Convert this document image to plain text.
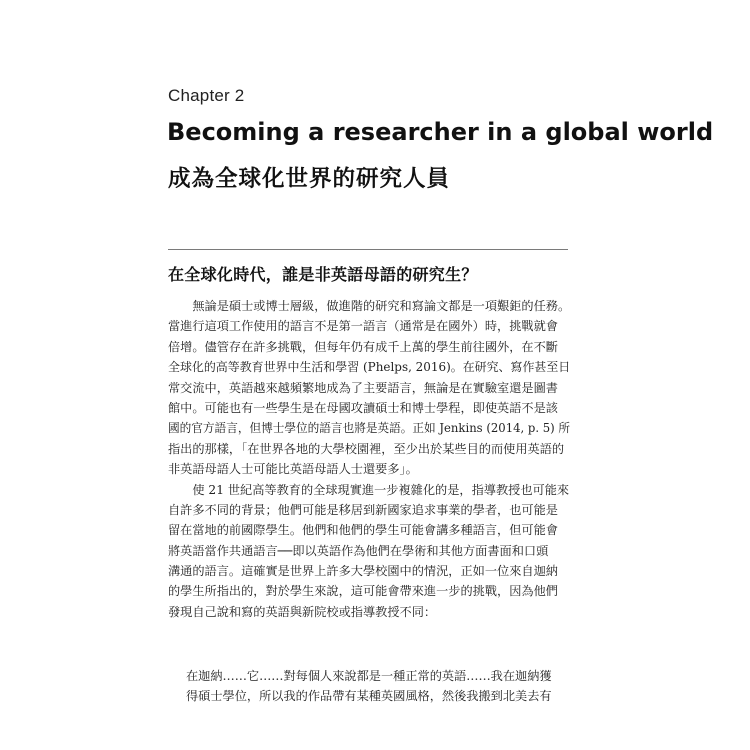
Chapter 2
Becoming a researcher in a global world
成為全球化世界的研究人員
在全球化時代，誰是非英語母語的研究生？
　　無論是碩士或博士層級，做進階的研究和寫論文都是一項艱鉅的任務。
當進行這項工作使用的語言不是第一語言（通常是在國外）時，挑戰就會
倍增。儘管存在許多挑戰，但每年仍有成千上萬的學生前往國外，在不斷
全球化的高等教育世界中生活和學習 (Phelps, 2016)。在研究、寫作甚至日
常交流中，英語越來越頻繁地成為了主要語言，無論是在實驗室還是圖書
館中。可能也有一些學生是在母國攻讀碩士和博士學程，即使英語不是該
國的官方語言，但博士學位的語言也將是英語。正如 Jenkins (2014, p. 5) 所
指出的那樣，「在世界各地的大學校園裡，至少出於某些目的而使用英語的
非英語母語人士可能比英語母語人士還要多」。
　　使 21 世紀高等教育的全球現實進一步複雜化的是，指導教授也可能來
自許多不同的背景；他們可能是移居到新國家追求事業的學者，也可能是
留在當地的前國際學生。他們和他們的學生可能會講多種語言，但可能會
將英語當作共通語言──即以英語作為他們在學術和其他方面書面和口頭
溝通的語言。這確實是世界上許多大學校園中的情況，正如一位來自迦納
的學生所指出的，對於學生來說，這可能會帶來進一步的挑戰，因為他們
發現自己說和寫的英語與新院校或指導教授不同：
在迦納……它……對每個人來說都是一種正常的英語……我在迦納獲
得碩士學位，所以我的作品帶有某種英國風格，然後我搬到北美去有
